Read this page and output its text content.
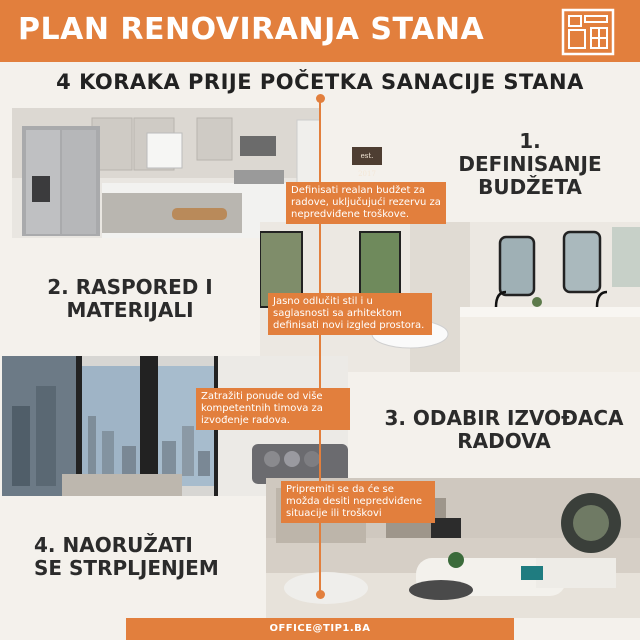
PLAN RENOVIRANJA STANA
4 KORAKA PRIJE POČETKA SANACIJE STANA
est. 2017
1. DEFINISANJE
BUDŽETA
2. RASPORED I
MATERIJALI
3. ODABIR IZVOĐACA
RADOVA
4. NAORUŽATI
SE STRPLJENJEM
Definisati realan budžet za radove, uključujući rezervu za nepredviđene troškove.
Jasno odlučiti stil i u saglasnosti sa arhitektom definisati novi izgled prostora.
Zatražiti ponude od više kompetentnih timova za izvođenje radova.
Pripremiti se da će se možda desiti nepredviđene situacije ili troškovi
OFFICE@TIP1.BA
